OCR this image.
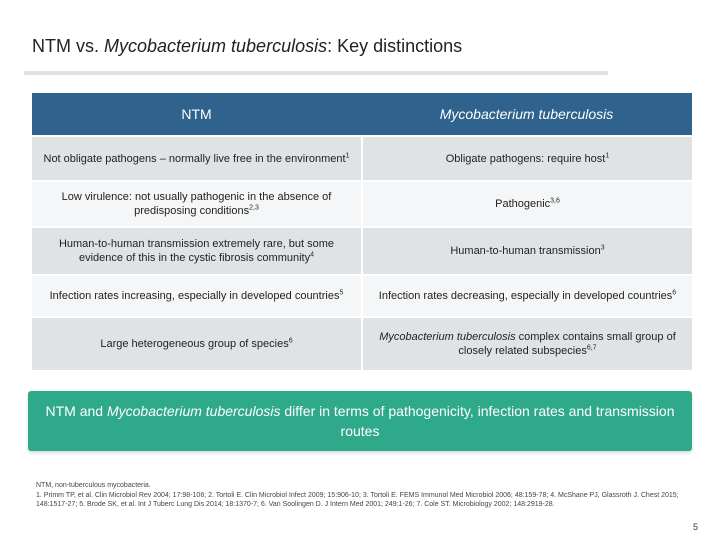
NTM vs. Mycobacterium tuberculosis: Key distinctions
NTM	Mycobacterium tuberculosis
Not obligate pathogens – normally live free in the environment$^1$	Obligate pathogens: require host$^1$
Low virulence: not usually pathogenic in the absence of predisposing conditions$^{2,3}$	Pathogenic$^{3,6}$
Human-to-human transmission extremely rare, but some evidence of this in the cystic fibrosis community$^4$	Human-to-human transmission$^3$
Infection rates increasing, especially in developed countries$^5$	Infection rates decreasing, especially in developed countries$^6$
Large heterogeneous group of species$^6$	Mycobacterium tuberculosis complex contains small group of closely related subspecies$^{6,7}$
NTM and Mycobacterium tuberculosis differ in terms of pathogenicity, infection rates and transmission routes
NTM, non-tuberculous mycobacteria.
1. Primm TP, et al. Clin Microbiol Rev 2004; 17:98-106; 2. Tortoli E. Clin Microbiol Infect 2009; 15:906-10; 3. Tortoli E. FEMS Immunol Med Microbiol 2006; 48:159-78; 4. McShane PJ, Glassroth J. Chest 2015; 148:1517-27; 5. Brode SK, et al. Int J Tuberc Lung Dis 2014; 18:1370-7; 6. Van Soolingen D. J Intern Med 2001; 249:1-26; 7. Cole ST. Microbiology 2002; 148:2919-28.
5
